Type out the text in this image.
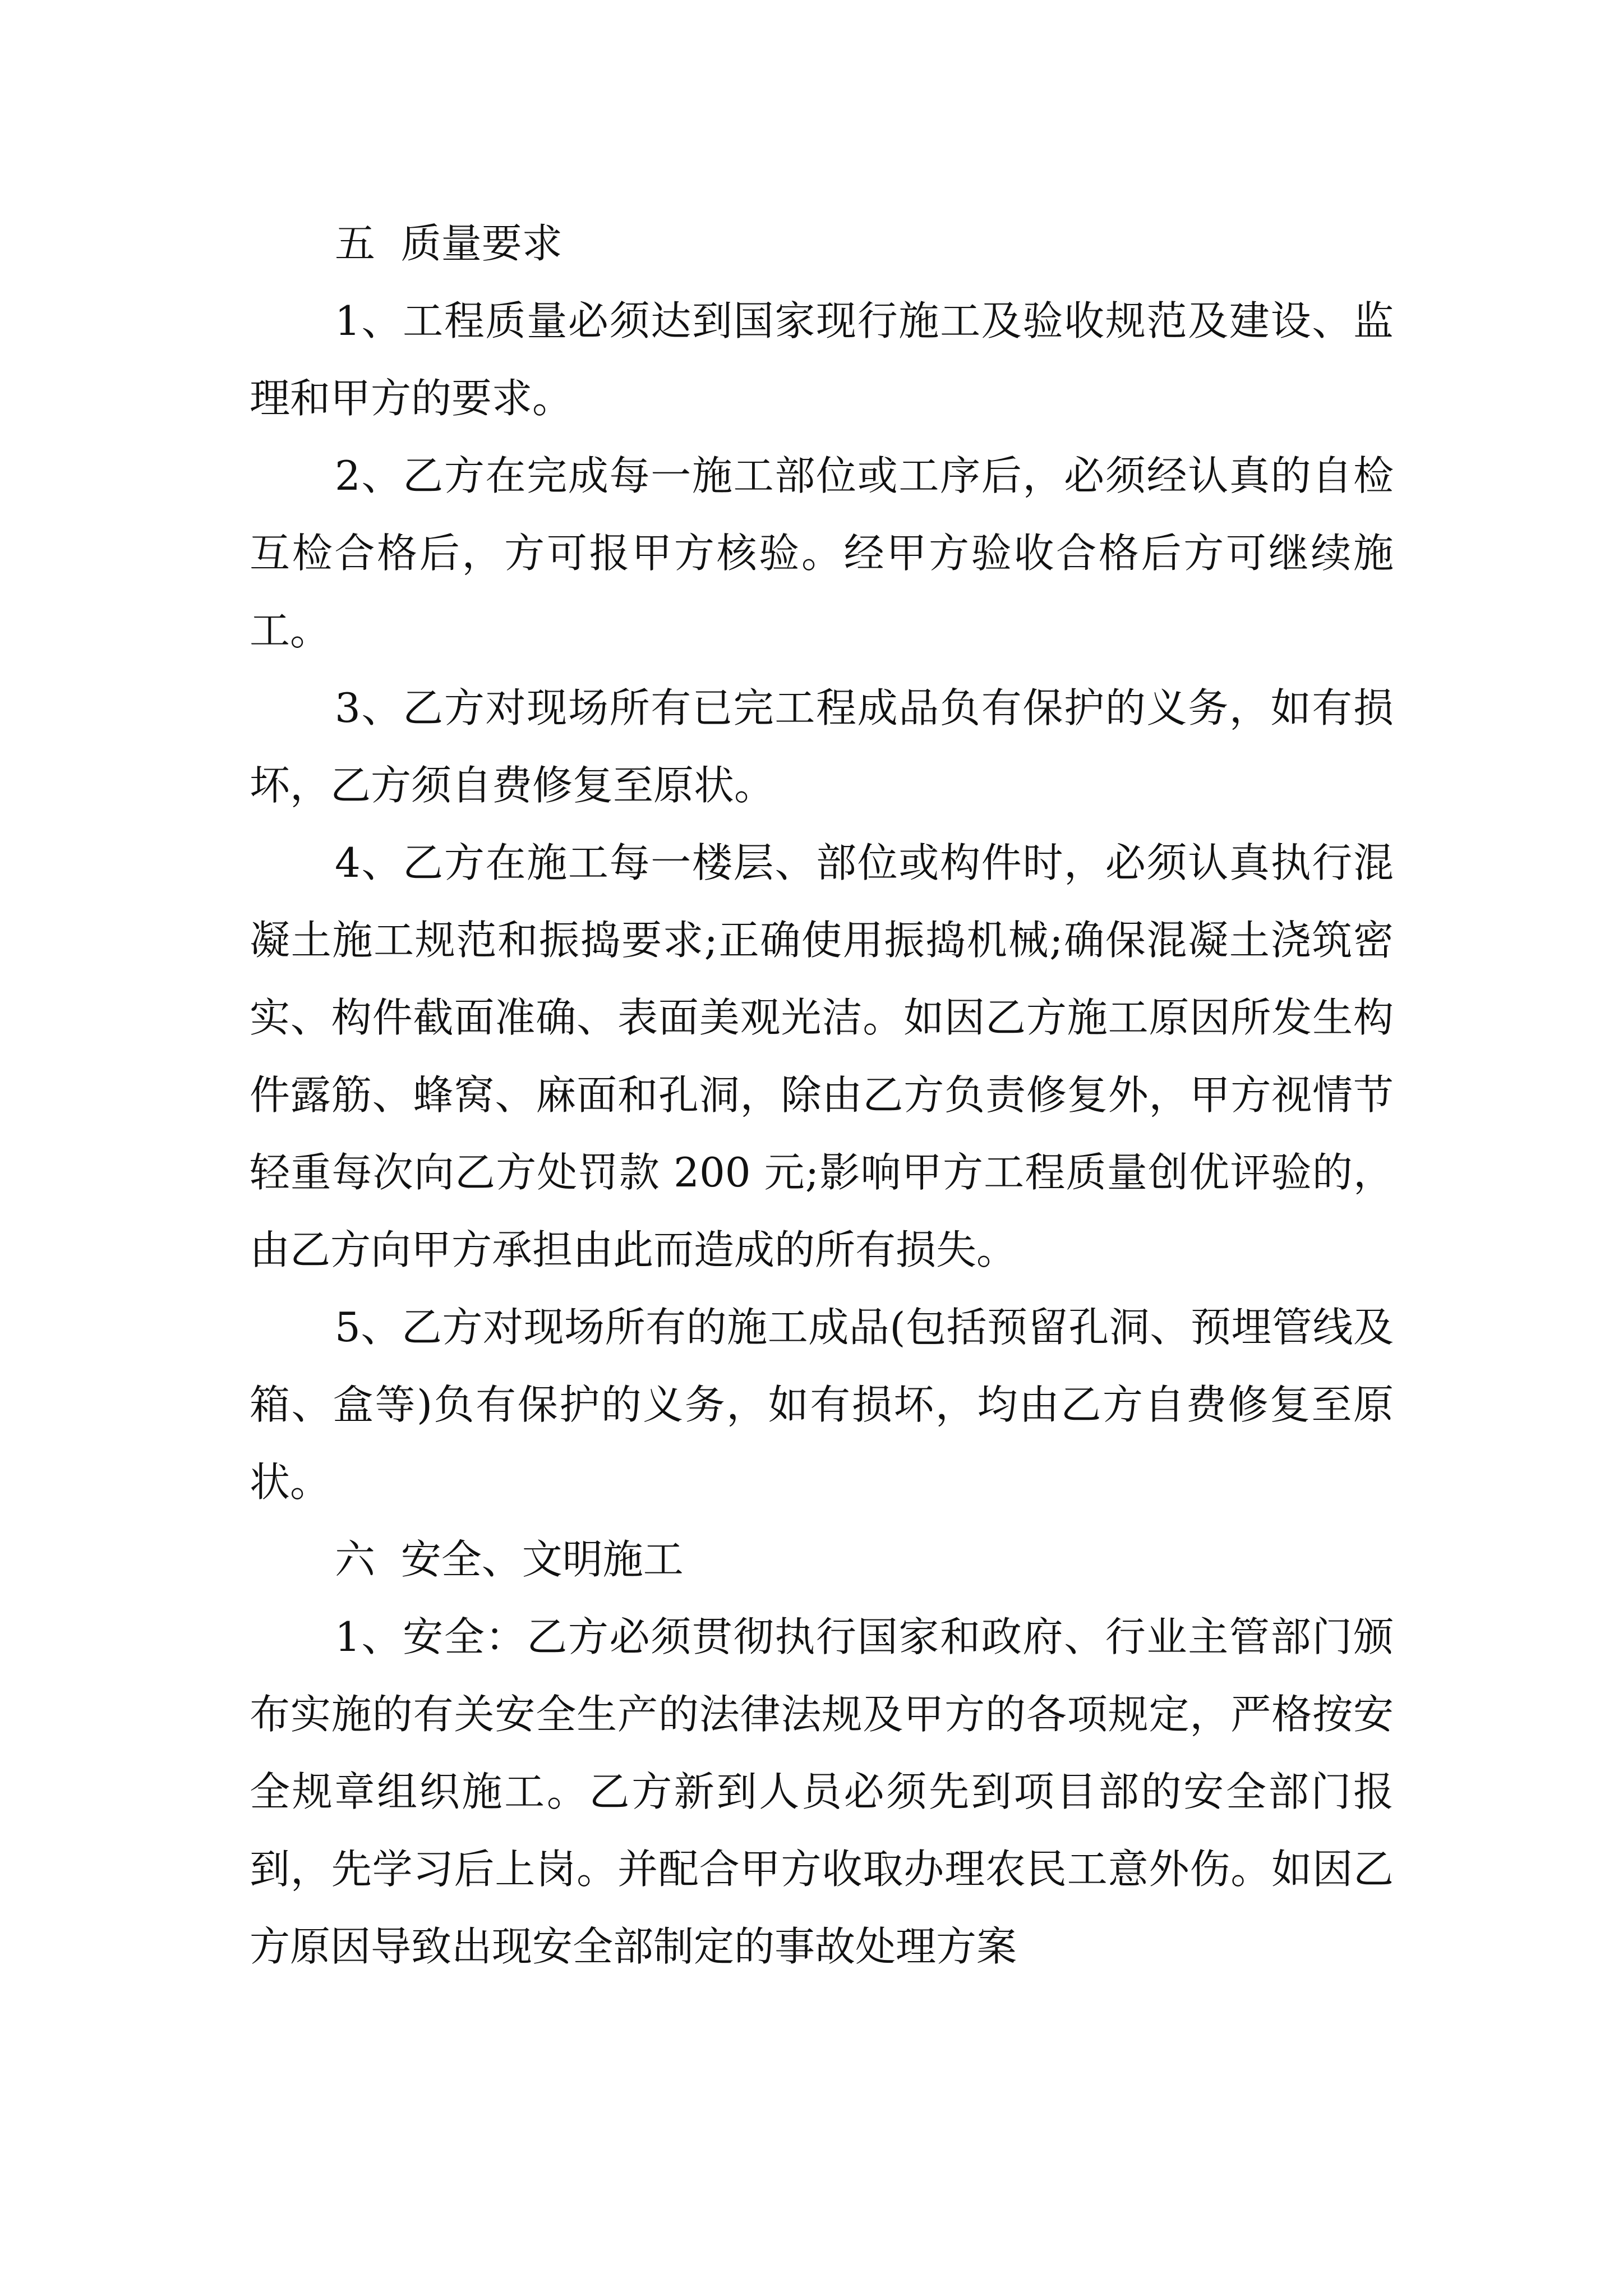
五  质量要求

1、工程质量必须达到国家现行施工及验收规范及建设、监理和甲方的要求。

2、乙方在完成每一施工部位或工序后，必须经认真的自检互检合格后，方可报甲方核验。经甲方验收合格后方可继续施工。

3、乙方对现场所有已完工程成品负有保护的义务，如有损坏，乙方须自费修复至原状。

4、乙方在施工每一楼层、部位或构件时，必须认真执行混凝土施工规范和振捣要求;正确使用振捣机械;确保混凝土浇筑密实、构件截面准确、表面美观光洁。如因乙方施工原因所发生构件露筋、蜂窝、麻面和孔洞，除由乙方负责修复外，甲方视情节轻重每次向乙方处罚款 200 元;影响甲方工程质量创优评验的，由乙方向甲方承担由此而造成的所有损失。

5、乙方对现场所有的施工成品(包括预留孔洞、预埋管线及箱、盒等)负有保护的义务，如有损坏，均由乙方自费修复至原状。

六  安全、文明施工

1、安全：乙方必须贯彻执行国家和政府、行业主管部门颁布实施的有关安全生产的法律法规及甲方的各项规定，严格按安全规章组织施工。乙方新到人员必须先到项目部的安全部门报到，先学习后上岗。并配合甲方收取办理农民工意外伤。如因乙方原因导致出现安全部制定的事故处理方案
